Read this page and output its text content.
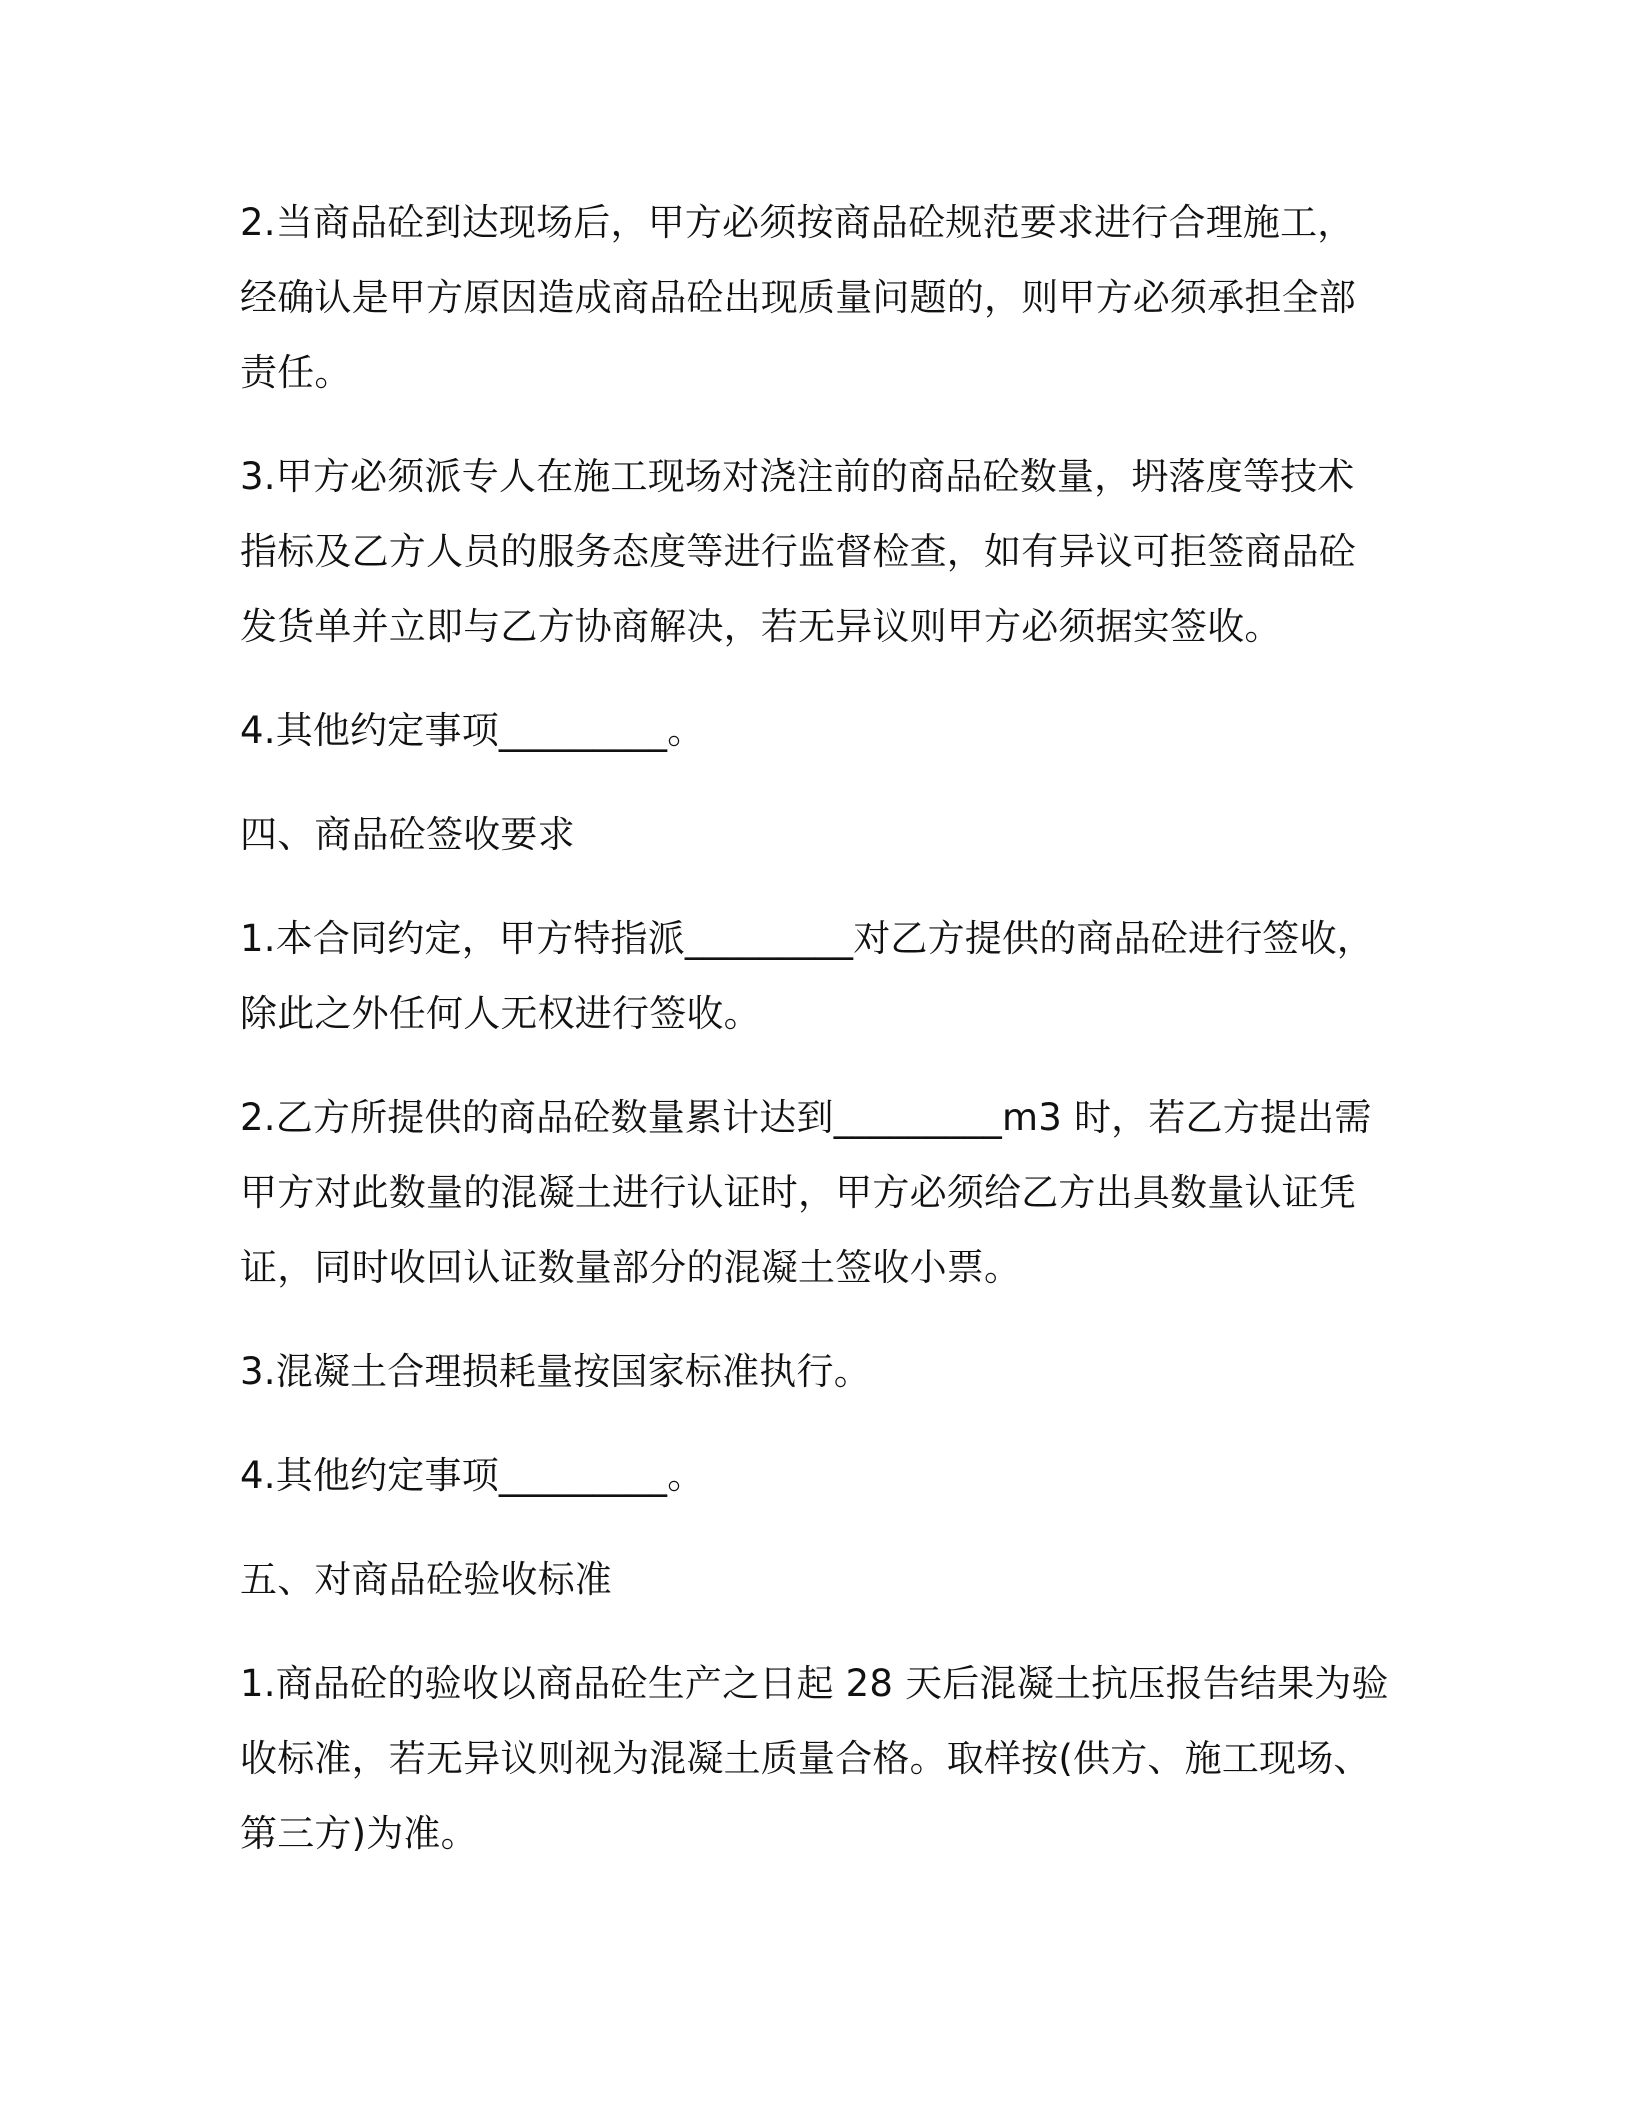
2.当商品砼到达现场后，甲方必须按商品砼规范要求进行合理施工，
经确认是甲方原因造成商品砼出现质量问题的，则甲方必须承担全部
责任。
3.甲方必须派专人在施工现场对浇注前的商品砼数量，坍落度等技术
指标及乙方人员的服务态度等进行监督检查，如有异议可拒签商品砼
发货单并立即与乙方协商解决，若无异议则甲方必须据实签收。
4.其他约定事项_________。
四、商品砼签收要求
1.本合同约定，甲方特指派_________对乙方提供的商品砼进行签收，
除此之外任何人无权进行签收。
2.乙方所提供的商品砼数量累计达到_________m3 时，若乙方提出需
甲方对此数量的混凝土进行认证时，甲方必须给乙方出具数量认证凭
证，同时收回认证数量部分的混凝土签收小票。
3.混凝土合理损耗量按国家标准执行。
4.其他约定事项_________。
五、对商品砼验收标准
1.商品砼的验收以商品砼生产之日起 28 天后混凝土抗压报告结果为验
收标准，若无异议则视为混凝土质量合格。取样按(供方、施工现场、
第三方)为准。
